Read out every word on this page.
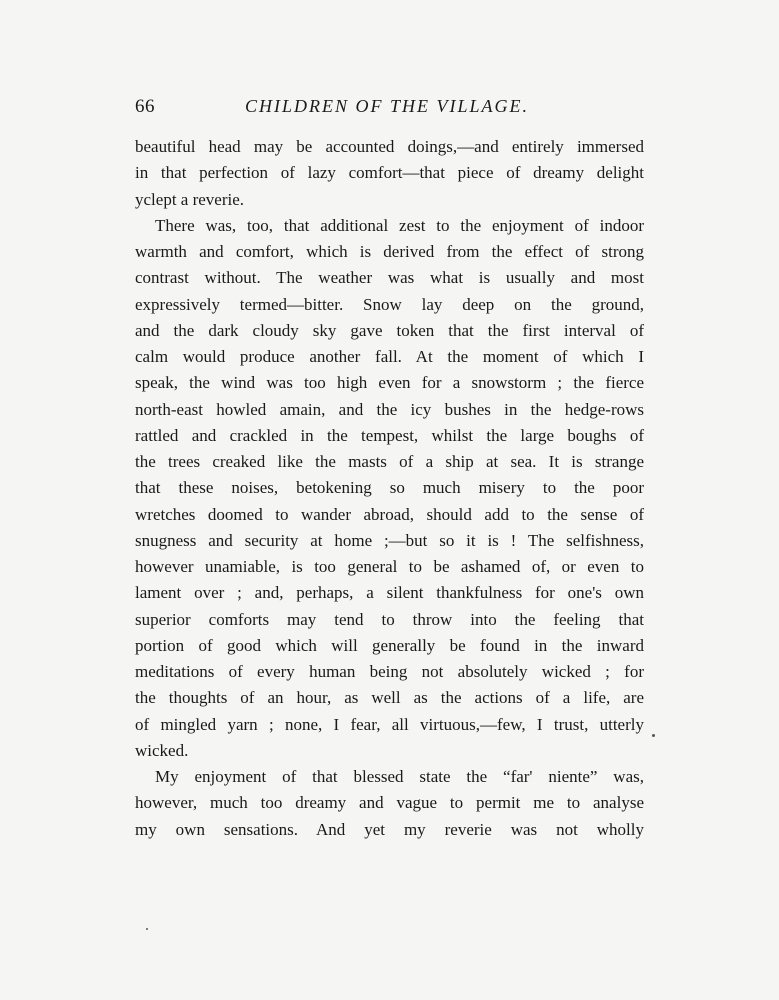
66	CHILDREN OF THE VILLAGE.
beautiful head may be accounted doings,—and entirely immersed
in that perfection of lazy comfort—that piece of dreamy delight
yclept a reverie.
There was, too, that additional zest to the enjoyment of indoor
warmth and comfort, which is derived from the effect of strong
contrast without. The weather was what is usually and most
expressively termed—bitter. Snow lay deep on the ground,
and the dark cloudy sky gave token that the first interval of
calm would produce another fall. At the moment of which I
speak, the wind was too high even for a snowstorm ; the fierce
north-east howled amain, and the icy bushes in the hedge-rows
rattled and crackled in the tempest, whilst the large boughs of
the trees creaked like the masts of a ship at sea. It is strange
that these noises, betokening so much misery to the poor
wretches doomed to wander abroad, should add to the sense of
snugness and security at home ;—but so it is ! The selfishness,
however unamiable, is too general to be ashamed of, or even to
lament over ; and, perhaps, a silent thankfulness for one's own
superior comforts may tend to throw into the feeling that
portion of good which will generally be found in the inward
meditations of every human being not absolutely wicked ; for
the thoughts of an hour, as well as the actions of a life, are
of mingled yarn ; none, I fear, all virtuous,—few, I trust, utterly
wicked.
My enjoyment of that blessed state the “far' niente” was,
however, much too dreamy and vague to permit me to analyse
my own sensations. And yet my reverie was not wholly
